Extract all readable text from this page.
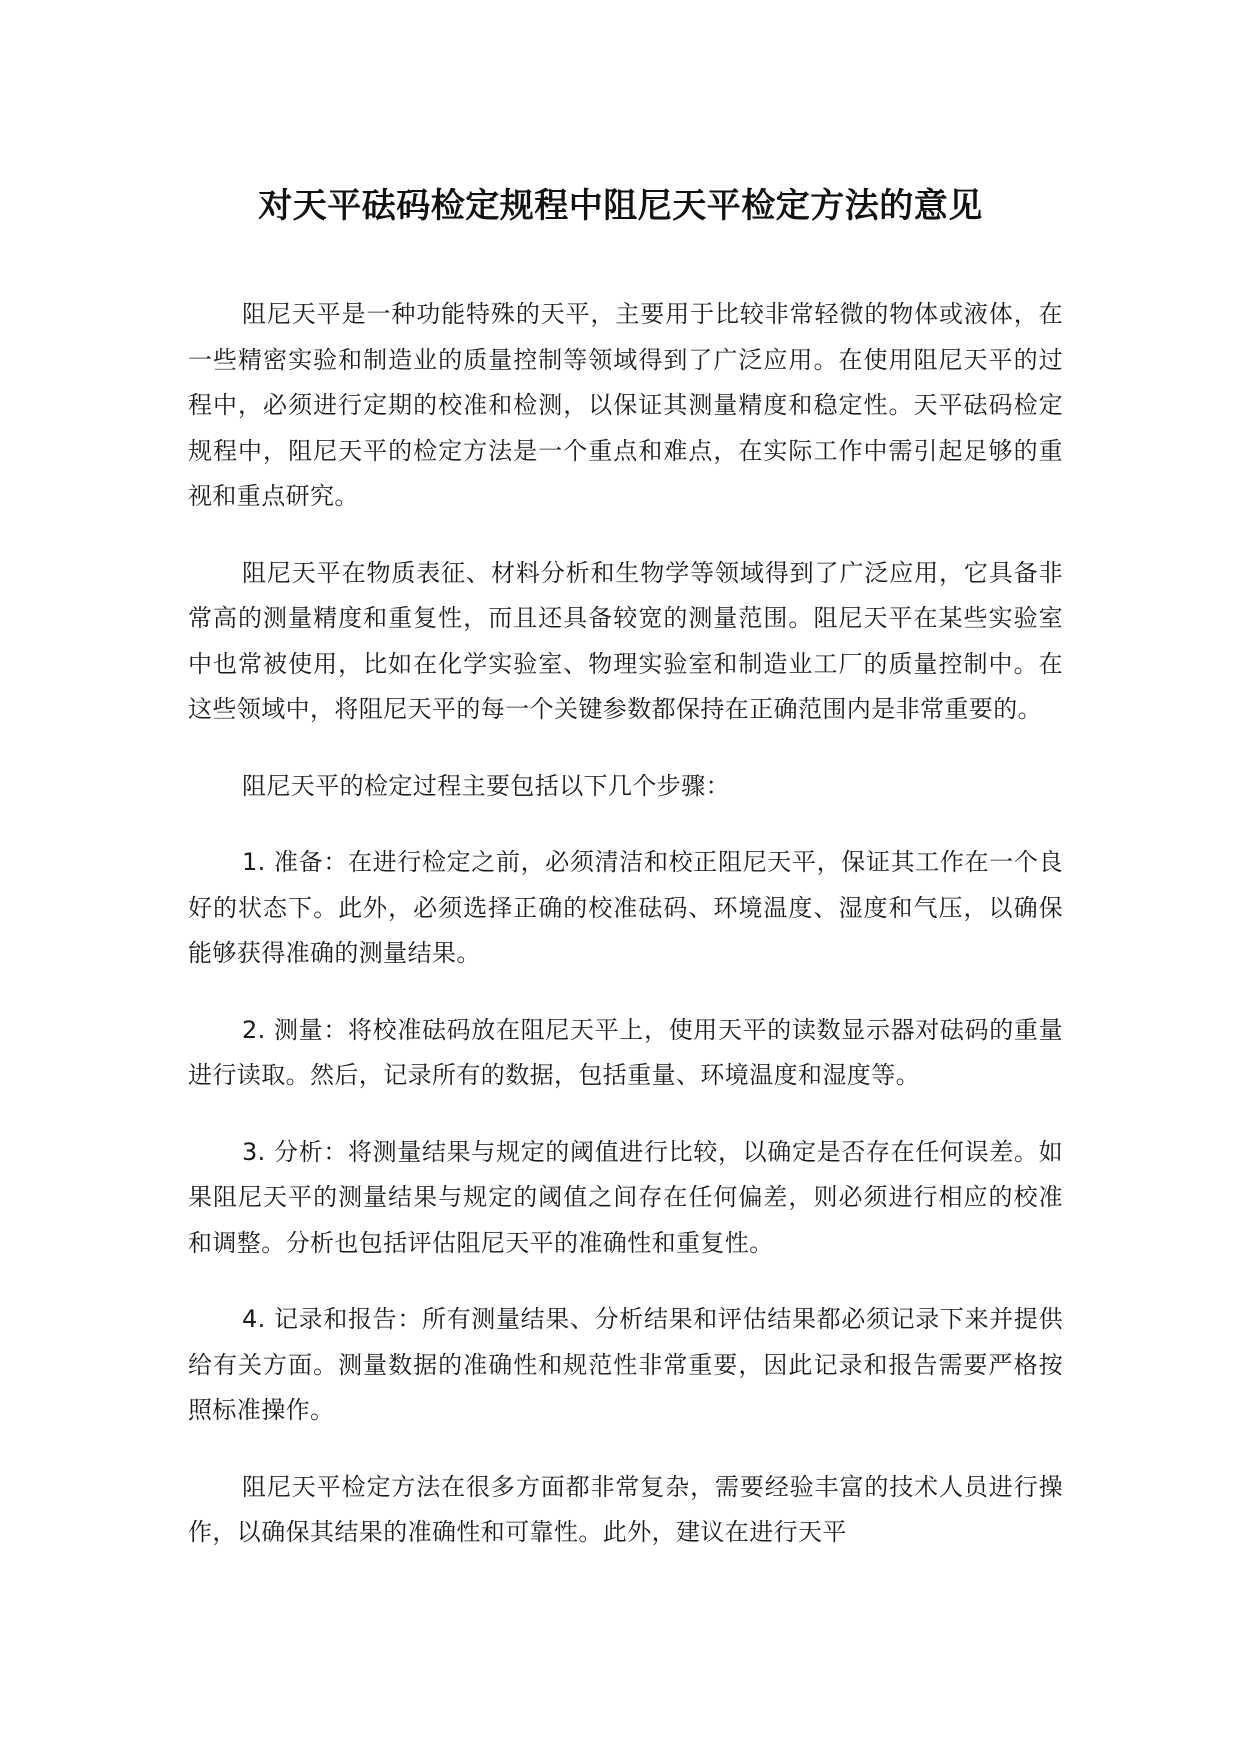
对天平砝码检定规程中阻尼天平检定方法的意见

阻尼天平是一种功能特殊的天平，主要用于比较非常轻微的物体或液体，在一些精密实验和制造业的质量控制等领域得到了广泛应用。在使用阻尼天平的过程中，必须进行定期的校准和检测，以保证其测量精度和稳定性。天平砝码检定规程中，阻尼天平的检定方法是一个重点和难点，在实际工作中需引起足够的重视和重点研究。

阻尼天平在物质表征、材料分析和生物学等领域得到了广泛应用，它具备非常高的测量精度和重复性，而且还具备较宽的测量范围。阻尼天平在某些实验室中也常被使用，比如在化学实验室、物理实验室和制造业工厂的质量控制中。在这些领域中，将阻尼天平的每一个关键参数都保持在正确范围内是非常重要的。

阻尼天平的检定过程主要包括以下几个步骤：

1. 准备：在进行检定之前，必须清洁和校正阻尼天平，保证其工作在一个良好的状态下。此外，必须选择正确的校准砝码、环境温度、湿度和气压，以确保能够获得准确的测量结果。

2. 测量：将校准砝码放在阻尼天平上，使用天平的读数显示器对砝码的重量进行读取。然后，记录所有的数据，包括重量、环境温度和湿度等。

3. 分析：将测量结果与规定的阈值进行比较，以确定是否存在任何误差。如果阻尼天平的测量结果与规定的阈值之间存在任何偏差，则必须进行相应的校准和调整。分析也包括评估阻尼天平的准确性和重复性。

4. 记录和报告：所有测量结果、分析结果和评估结果都必须记录下来并提供给有关方面。测量数据的准确性和规范性非常重要，因此记录和报告需要严格按照标准操作。

阻尼天平检定方法在很多方面都非常复杂，需要经验丰富的技术人员进行操作，以确保其结果的准确性和可靠性。此外，建议在进行天平
